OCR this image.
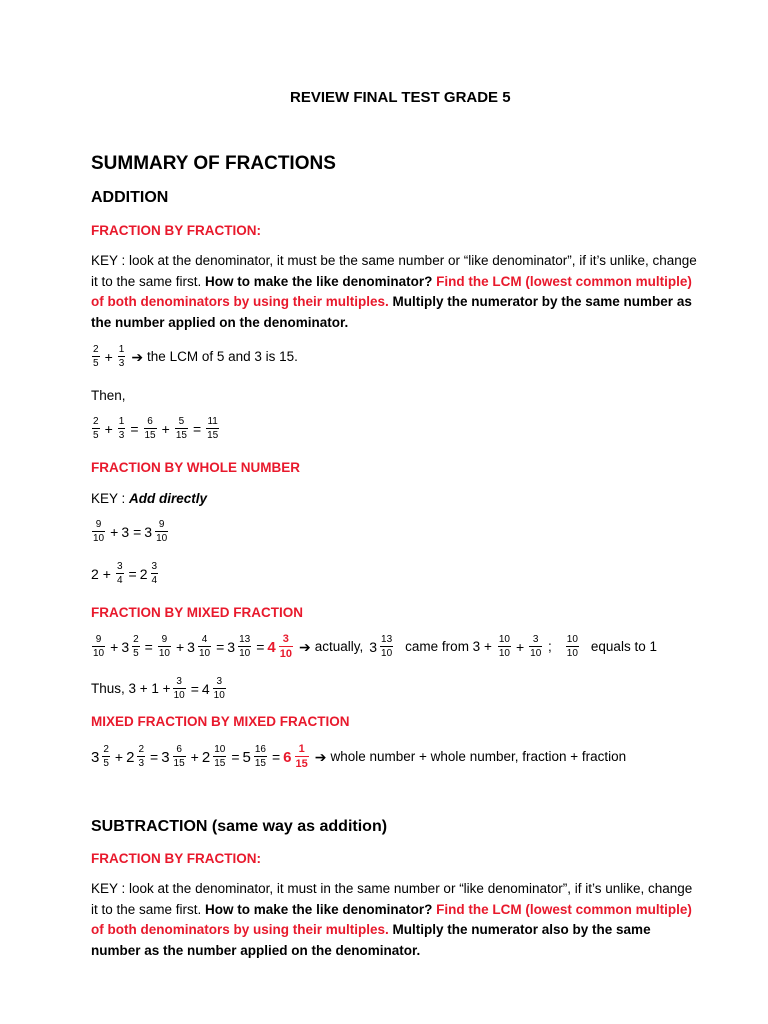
REVIEW FINAL TEST GRADE 5
SUMMARY OF FRACTIONS
ADDITION
FRACTION BY FRACTION:
KEY : look at the denominator, it must be the same number or “like denominator”, if it’s unlike, change it to the same first. How to make the like denominator? Find the LCM (lowest common multiple) of both denominators by using their multiples. Multiply the numerator by the same number as the number applied on the denominator.
$\frac{2}{5} + \frac{1}{3}$ ➔ the LCM of 5 and 3 is 15.
Then,
$\frac{2}{5} + \frac{1}{3} = \frac{6}{15} + \frac{5}{15} = \frac{11}{15}$
FRACTION BY WHOLE NUMBER
KEY : Add directly
$\frac{9}{10} + 3 = 3 \frac{9}{10}$
$2 + \frac{3}{4} = 2 \frac{3}{4}$
FRACTION BY MIXED FRACTION
$\frac{9}{10} + 3 \frac{2}{5} = \frac{9}{10} + 3 \frac{4}{10} = 3 \frac{13}{10} = 4 \frac{3}{10}$ ➔ actually, $3 \frac{13}{10}$ came from $3 + \frac{10}{10} + \frac{3}{10}$ ; $\frac{10}{10}$ equals to 1
Thus, $3 + 1 + \frac{3}{10} = 4 \frac{3}{10}$
MIXED FRACTION BY MIXED FRACTION
$3 \frac{2}{5} + 2 \frac{2}{3} = 3 \frac{6}{15} + 2 \frac{10}{15} = 5 \frac{16}{15} = 6 \frac{1}{15}$ ➔ whole number + whole number, fraction + fraction
SUBTRACTION (same way as addition)
FRACTION BY FRACTION:
KEY : look at the denominator, it must in the same number or “like denominator”, if it’s unlike, change it to the same first. How to make the like denominator? Find the LCM (lowest common multiple) of both denominators by using their multiples. Multiply the numerator also by the same number as the number applied on the denominator.
